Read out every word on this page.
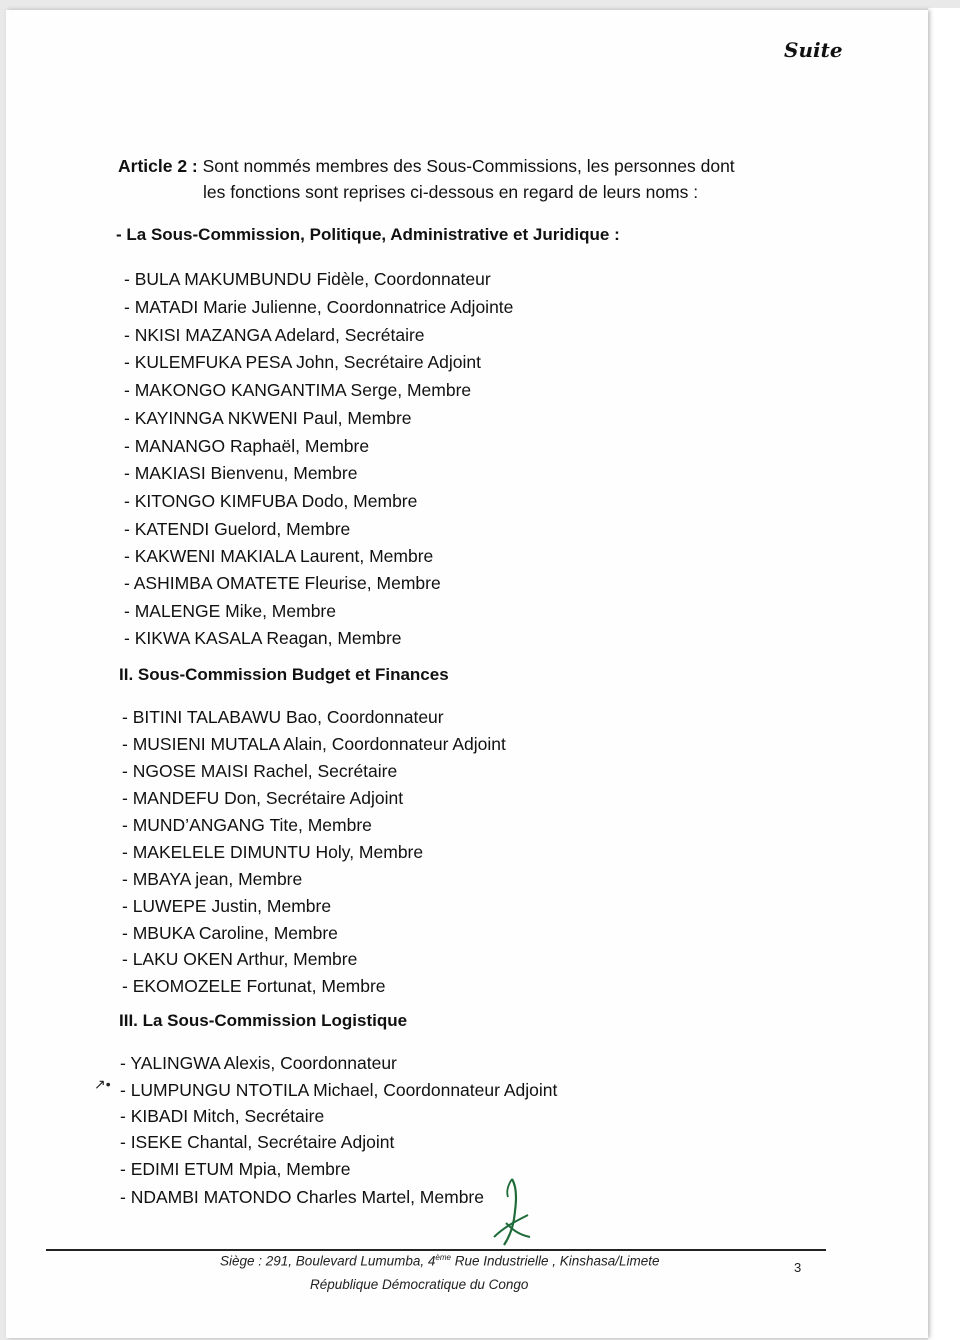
Suite
Article 2 : Sont nommés membres des Sous-Commissions, les personnes dont
les fonctions sont reprises ci-dessous en regard de leurs noms :
- La Sous-Commission, Politique, Administrative et Juridique :
- BULA MAKUMBUNDU Fidèle, Coordonnateur
- MATADI Marie Julienne, Coordonnatrice Adjointe
- NKISI MAZANGA Adelard, Secrétaire
- KULEMFUKA PESA John, Secrétaire Adjoint
- MAKONGO KANGANTIMA Serge, Membre
- KAYINNGA NKWENI Paul, Membre
- MANANGO Raphaël, Membre
- MAKIASI Bienvenu, Membre
- KITONGO KIMFUBA Dodo, Membre
- KATENDI Guelord, Membre
- KAKWENI MAKIALA Laurent, Membre
- ASHIMBA OMATETE Fleurise, Membre
- MALENGE Mike, Membre
- KIKWA KASALA Reagan, Membre
II. Sous-Commission Budget et Finances
- BITINI TALABAWU Bao, Coordonnateur
- MUSIENI MUTALA Alain, Coordonnateur Adjoint
- NGOSE MAISI Rachel, Secrétaire
- MANDEFU Don, Secrétaire Adjoint
- MUND’ANGANG Tite, Membre
- MAKELELE DIMUNTU Holy, Membre
- MBAYA jean, Membre
- LUWEPE Justin, Membre
- MBUKA Caroline, Membre
- LAKU OKEN Arthur, Membre
- EKOMOZELE Fortunat, Membre
III. La Sous-Commission Logistique
↗•
- YALINGWA Alexis, Coordonnateur
- LUMPUNGU NTOTILA Michael, Coordonnateur Adjoint
- KIBADI Mitch, Secrétaire
- ISEKE Chantal, Secrétaire Adjoint
- EDIMI ETUM Mpia, Membre
- NDAMBI MATONDO Charles Martel, Membre
Siège : 291, Boulevard Lumumba, 4ème Rue Industrielle , Kinshasa/Limete
République Démocratique du Congo
3
